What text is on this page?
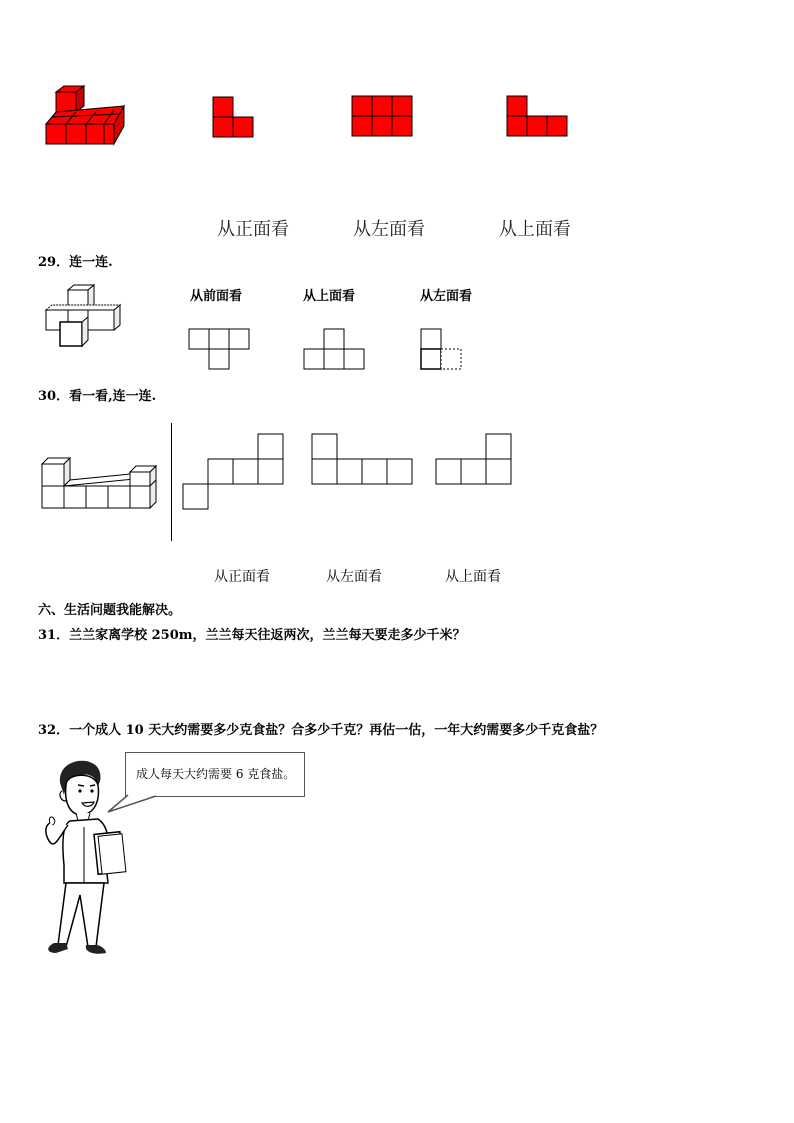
从正面看	从左面看	从上面看
29．连一连.
从前面看	从上面看	从左面看
30．看一看,连一连.
从正面看	从左面看	从上面看
六、生活问题我能解决。
31．兰兰家离学校 250m，兰兰每天往返两次，兰兰每天要走多少千米？
32．一个成人 10 天大约需要多少克食盐？合多少千克？再估一估，一年大约需要多少千克食盐？
成人每天大约需要 6 克食盐。
